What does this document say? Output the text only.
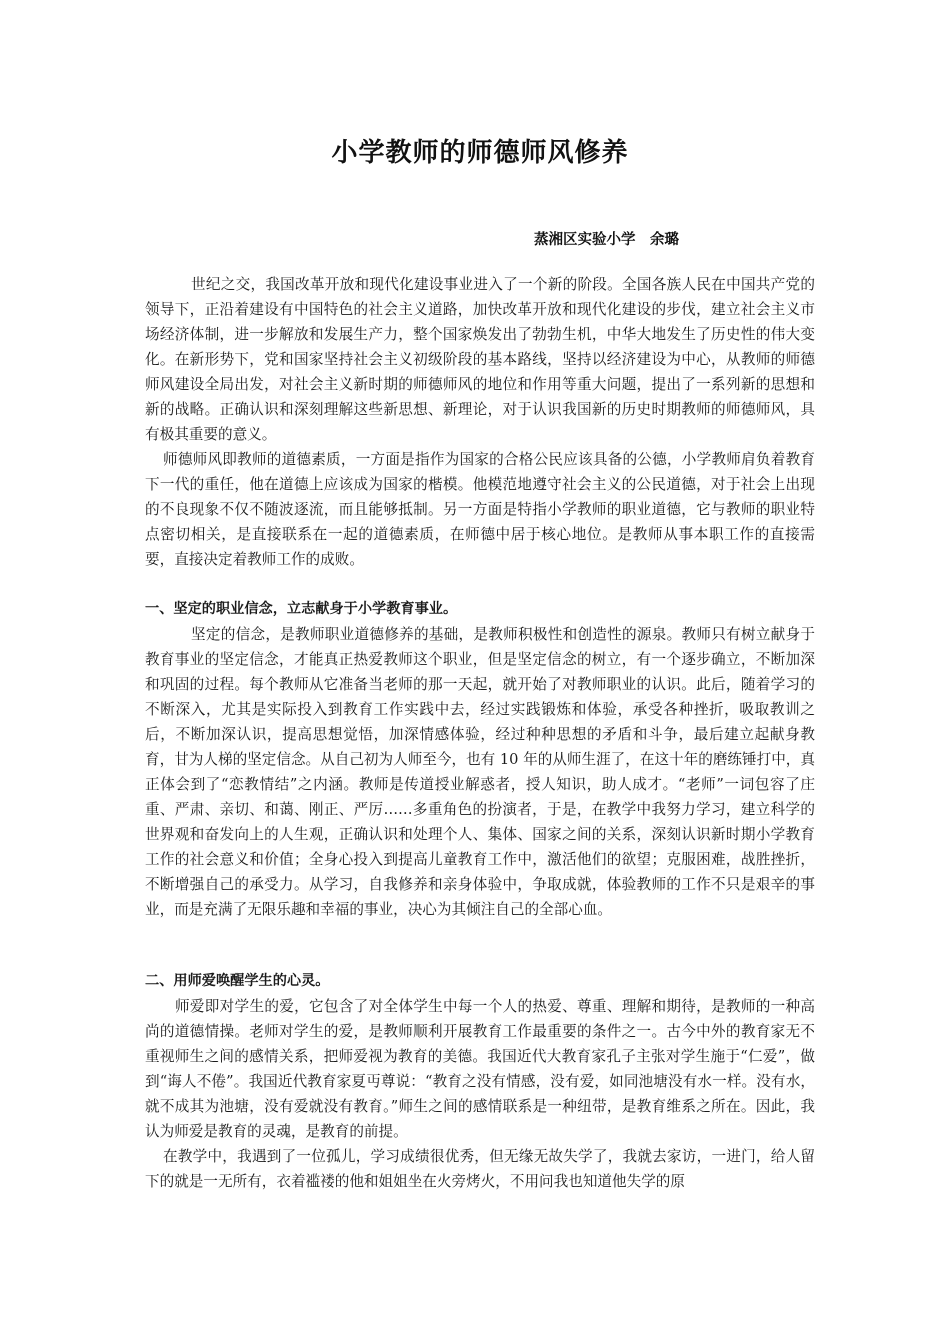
小学教师的师德师风修养
蒸湘区实验小学　余璐

世纪之交，我国改革开放和现代化建设事业进入了一个新的阶段。全国各族人民在中国共产党的领导下，正沿着建设有中国特色的社会主义道路，加快改革开放和现代化建设的步伐，建立社会主义市场经济体制，进一步解放和发展生产力，整个国家焕发出了勃勃生机，中华大地发生了历史性的伟大变化。在新形势下，党和国家坚持社会主义初级阶段的基本路线，坚持以经济建设为中心，从教师的师德师风建设全局出发，对社会主义新时期的师德师风的地位和作用等重大问题，提出了一系列新的思想和新的战略。正确认识和深刻理解这些新思想、新理论，对于认识我国新的历史时期教师的师德师风，具有极其重要的意义。

师德师风即教师的道德素质，一方面是指作为国家的合格公民应该具备的公德，小学教师肩负着教育下一代的重任，他在道德上应该成为国家的楷模。他模范地遵守社会主义的公民道德，对于社会上出现的不良现象不仅不随波逐流，而且能够抵制。另一方面是特指小学教师的职业道德，它与教师的职业特点密切相关，是直接联系在一起的道德素质，在师德中居于核心地位。是教师从事本职工作的直接需要，直接决定着教师工作的成败。

一、坚定的职业信念，立志献身于小学教育事业。

坚定的信念，是教师职业道德修养的基础，是教师积极性和创造性的源泉。教师只有树立献身于教育事业的坚定信念，才能真正热爱教师这个职业，但是坚定信念的树立，有一个逐步确立，不断加深和巩固的过程。每个教师从它准备当老师的那一天起，就开始了对教师职业的认识。此后，随着学习的不断深入，尤其是实际投入到教育工作实践中去，经过实践锻炼和体验，承受各种挫折，吸取教训之后，不断加深认识，提高思想觉悟，加深情感体验，经过种种思想的矛盾和斗争，最后建立起献身教育，甘为人梯的坚定信念。从自己初为人师至今，也有 10 年的从师生涯了，在这十年的磨练锤打中，真正体会到了“恋教情结”之内涵。教师是传道授业解惑者，授人知识，助人成才。“老师”一词包容了庄重、严肃、亲切、和蔼、刚正、严厉……多重角色的扮演者，于是，在教学中我努力学习，建立科学的世界观和奋发向上的人生观，正确认识和处理个人、集体、国家之间的关系，深刻认识新时期小学教育工作的社会意义和价值；全身心投入到提高儿童教育工作中，激活他们的欲望；克服困难，战胜挫折，不断增强自己的承受力。从学习，自我修养和亲身体验中，争取成就，体验教师的工作不只是艰辛的事业，而是充满了无限乐趣和幸福的事业，决心为其倾注自己的全部心血。

二、用师爱唤醒学生的心灵。

师爱即对学生的爱，它包含了对全体学生中每一个人的热爱、尊重、理解和期待，是教师的一种高尚的道德情操。老师对学生的爱，是教师顺利开展教育工作最重要的条件之一。古今中外的教育家无不重视师生之间的感情关系，把师爱视为教育的美德。我国近代大教育家孔子主张对学生施于“仁爱”，做到“诲人不倦”。我国近代教育家夏丏尊说：“教育之没有情感，没有爱，如同池塘没有水一样。没有水，就不成其为池塘，没有爱就没有教育。”师生之间的感情联系是一种纽带，是教育维系之所在。因此，我认为师爱是教育的灵魂，是教育的前提。

在教学中，我遇到了一位孤儿，学习成绩很优秀，但无缘无故失学了，我就去家访，一进门，给人留下的就是一无所有，衣着褴褛的他和姐姐坐在火旁烤火，不用问我也知道他失学的原
